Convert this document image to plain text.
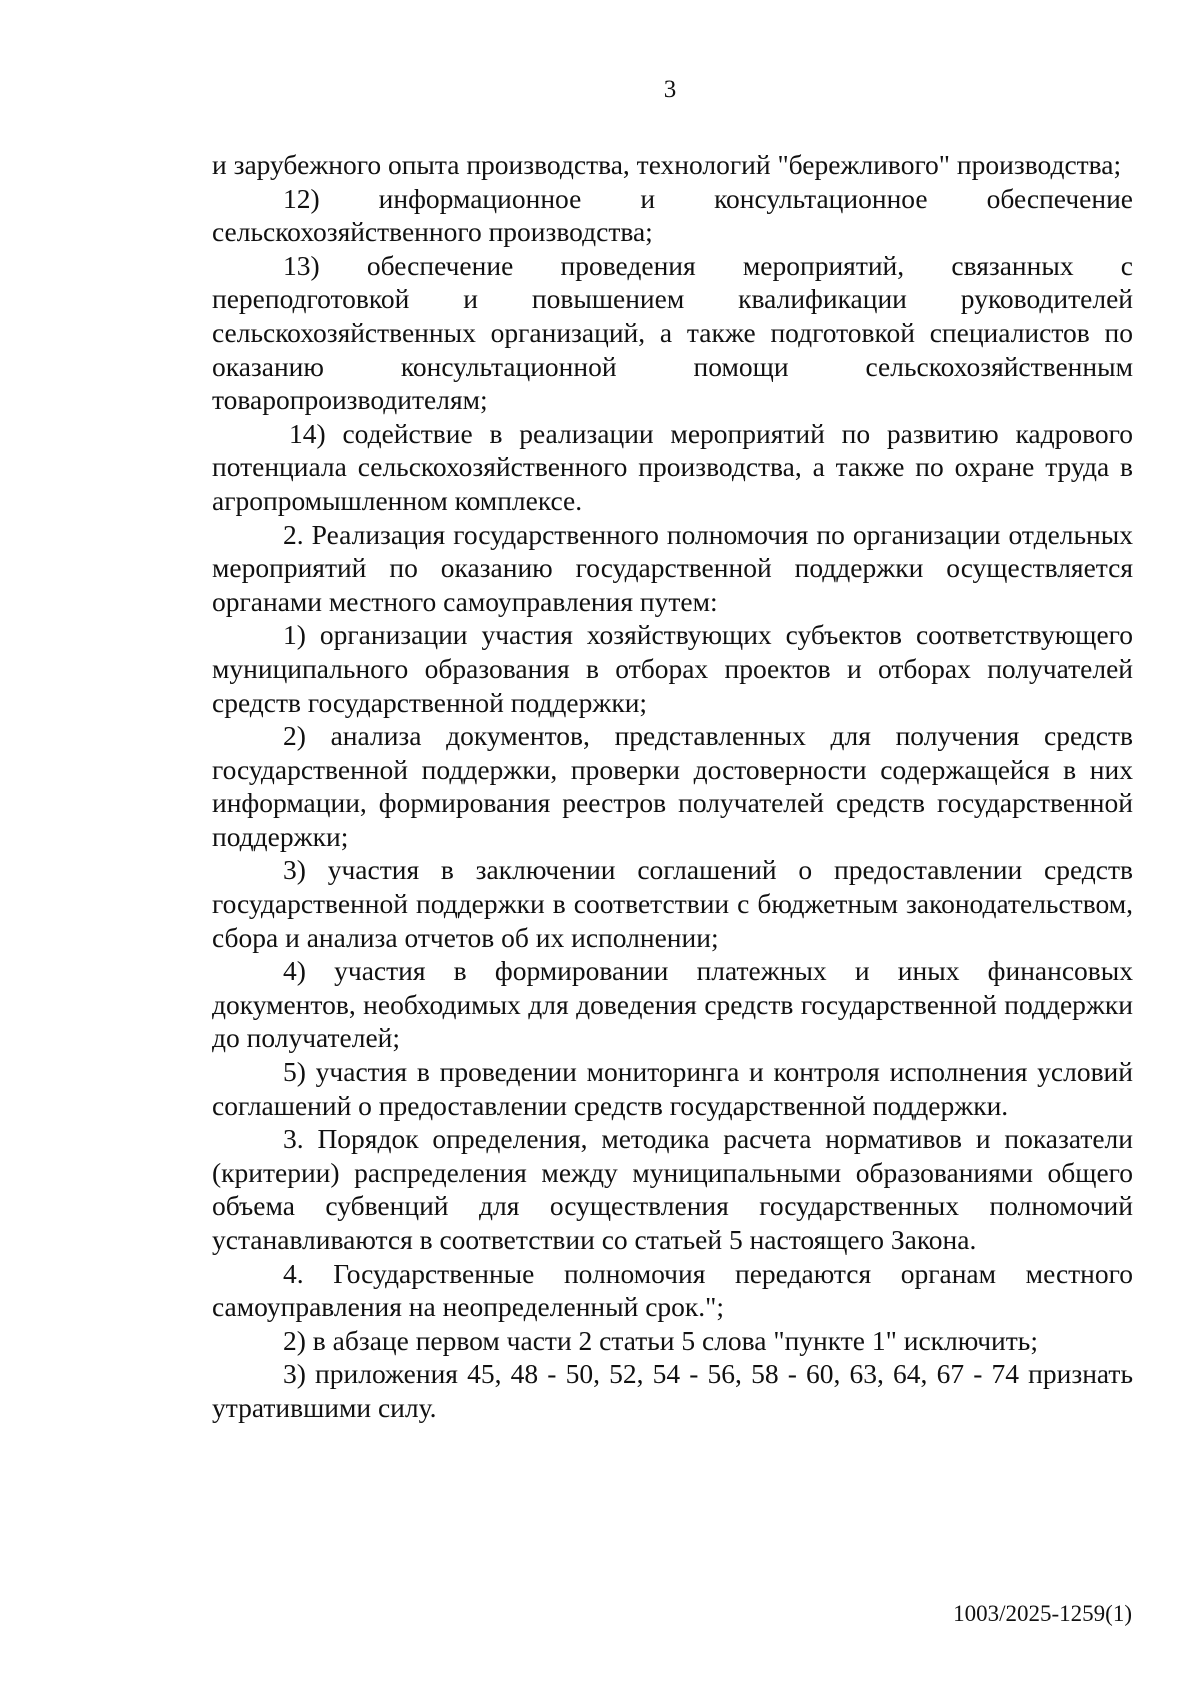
3

и зарубежного опыта производства, технологий "бережливого" производства;

12) информационное и консультационное обеспечение сельскохозяйственного производства;

13) обеспечение проведения мероприятий, связанных с переподготовкой и повышением квалификации руководителей сельскохозяйственных организаций, а также подготовкой специалистов по оказанию консультационной помощи сельскохозяйственным товаропроизводителям;

14) содействие в реализации мероприятий по развитию кадрового потенциала сельскохозяйственного производства, а также по охране труда в агропромышленном комплексе.

2. Реализация государственного полномочия по организации отдельных мероприятий по оказанию государственной поддержки осуществляется органами местного самоуправления путем:

1) организации участия хозяйствующих субъектов соответствующего муниципального образования в отборах проектов и отборах получателей средств государственной поддержки;

2) анализа документов, представленных для получения средств государственной поддержки, проверки достоверности содержащейся в них информации, формирования реестров получателей средств государственной поддержки;

3) участия в заключении соглашений о предоставлении средств государственной поддержки в соответствии с бюджетным законодательством, сбора и анализа отчетов об их исполнении;

4) участия в формировании платежных и иных финансовых документов, необходимых для доведения средств государственной поддержки до получателей;

5) участия в проведении мониторинга и контроля исполнения условий соглашений о предоставлении средств государственной поддержки.

3. Порядок определения, методика расчета нормативов и показатели (критерии) распределения между муниципальными образованиями общего объема субвенций для осуществления государственных полномочий устанавливаются в соответствии со статьей 5 настоящего Закона.

4. Государственные полномочия передаются органам местного самоуправления на неопределенный срок.";

2) в абзаце первом части 2 статьи 5 слова "пункте 1" исключить;

3) приложения 45, 48 - 50, 52, 54 - 56, 58 - 60, 63, 64, 67 - 74 признать утратившими силу.

1003/2025-1259(1)
